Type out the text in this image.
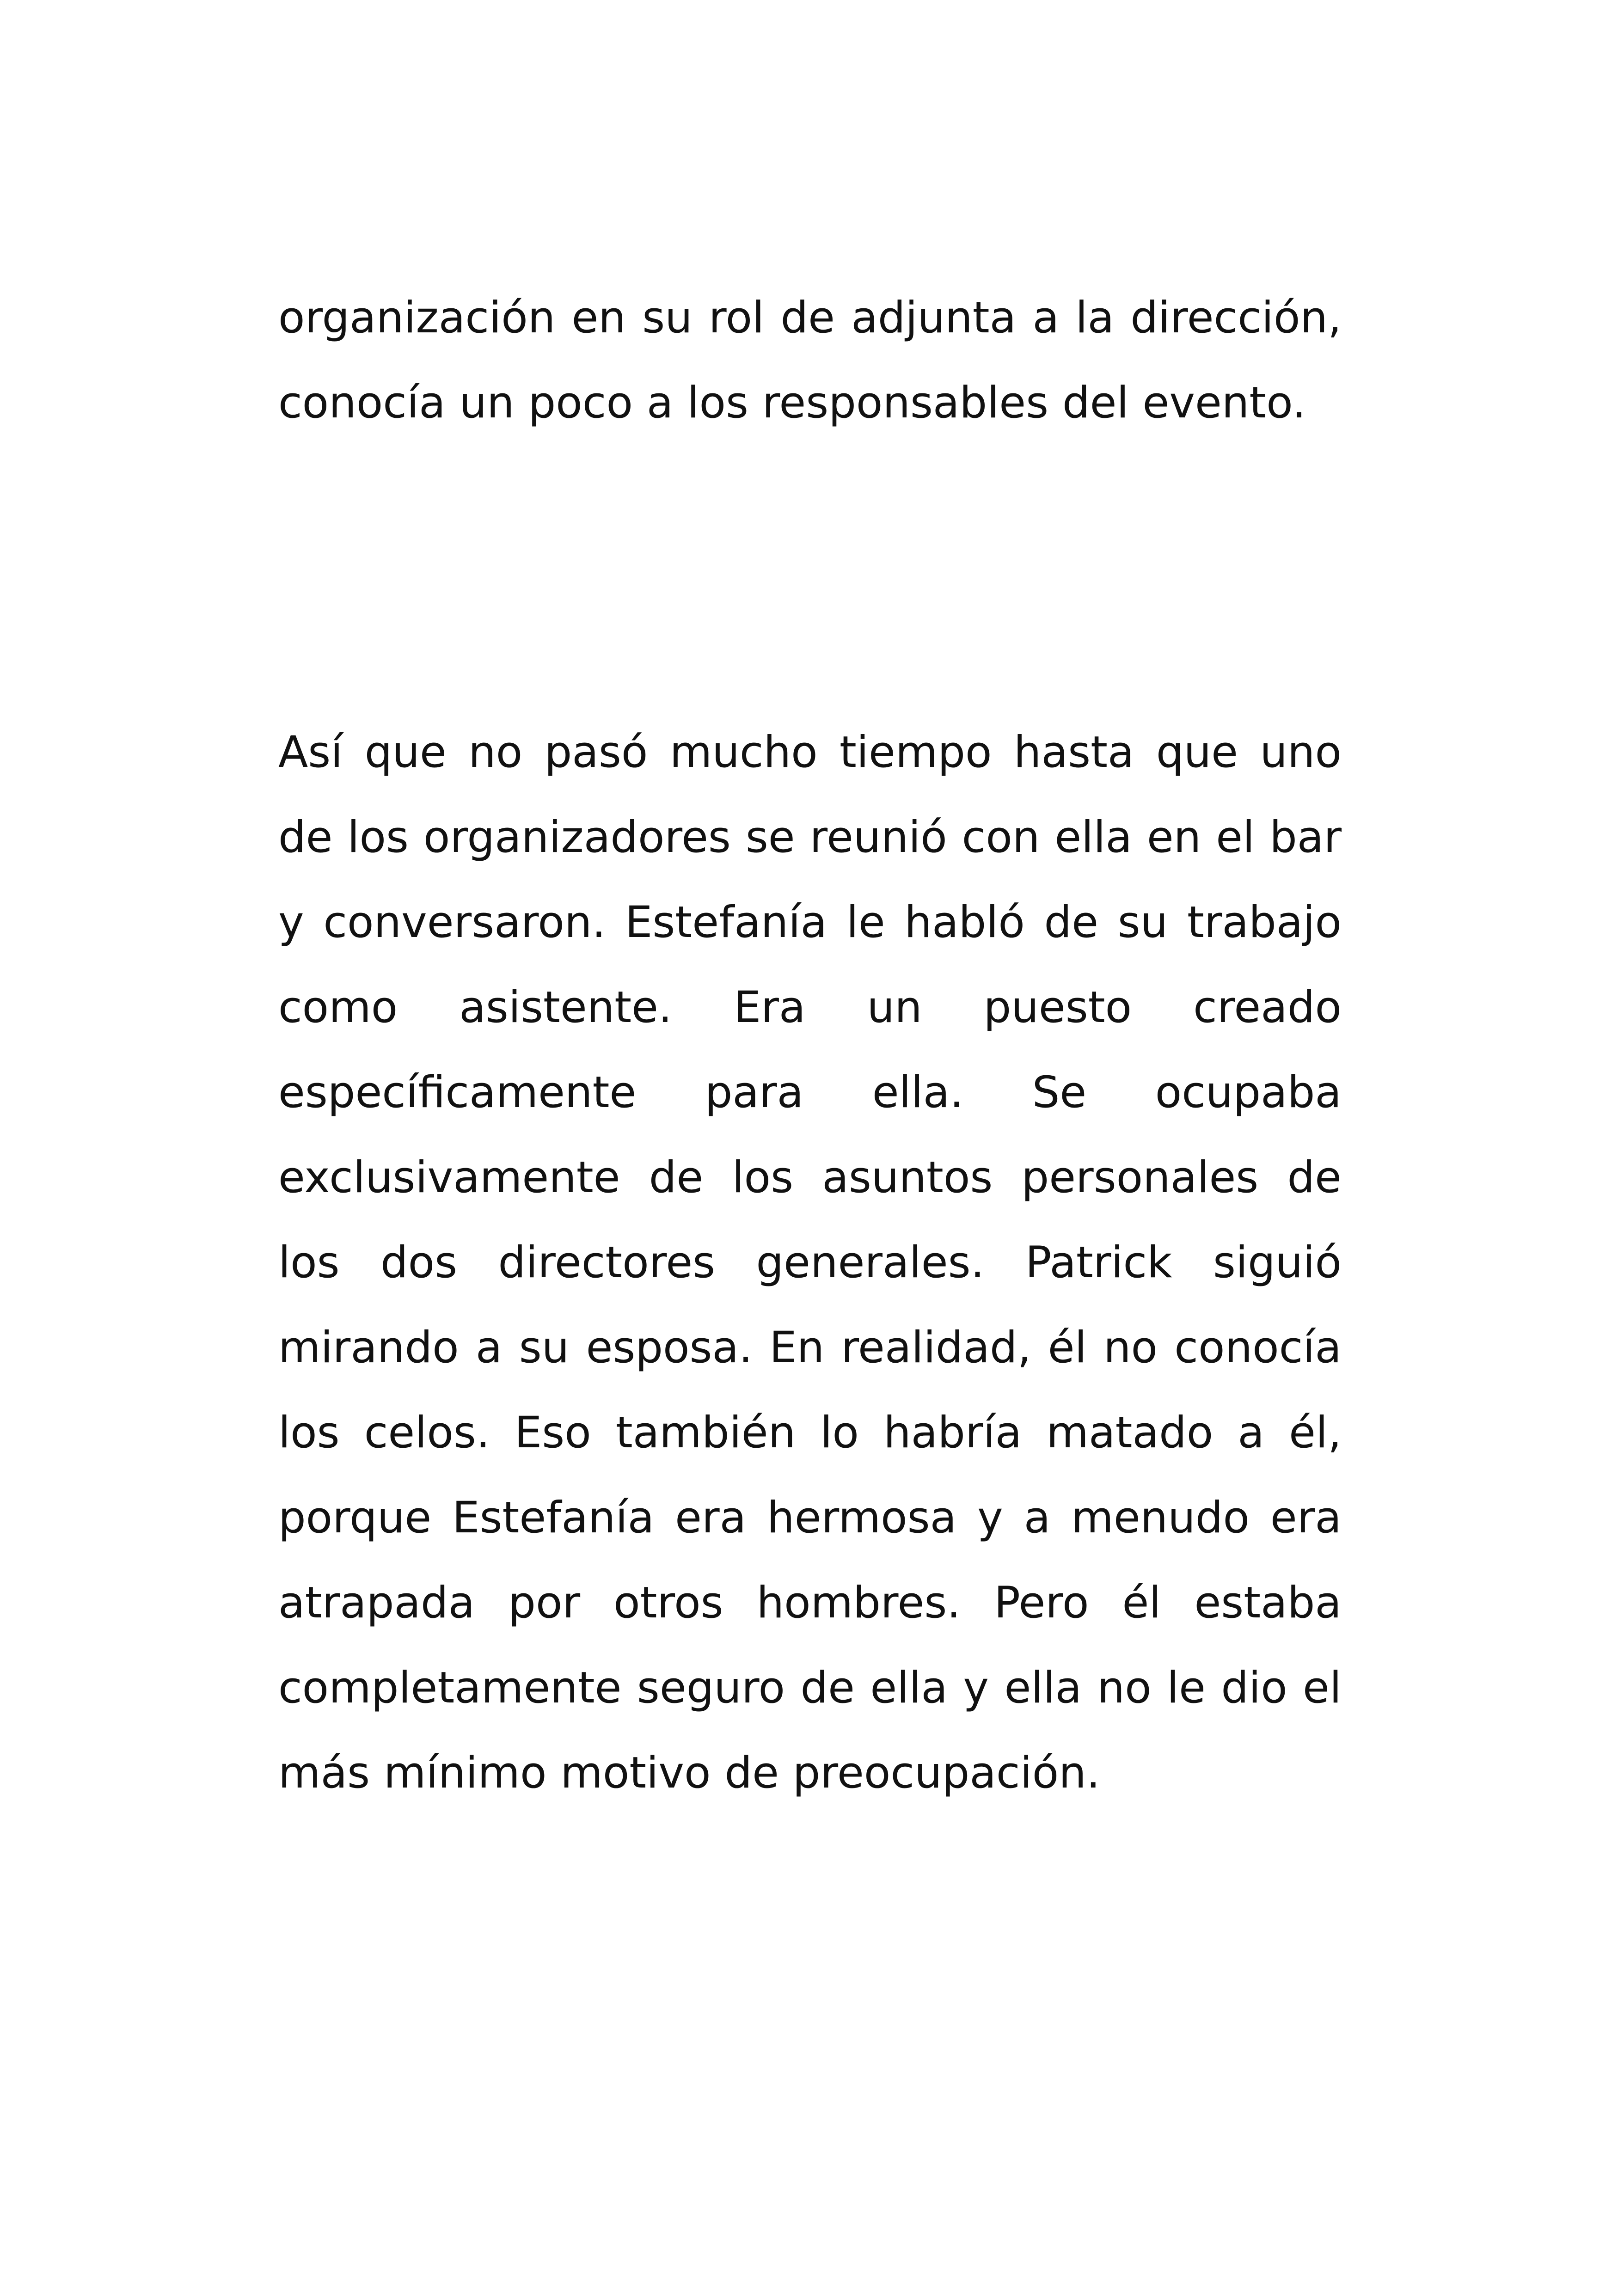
organización en su rol de adjunta a la dirección, conocía un poco a los responsables del evento.

Así que no pasó mucho tiempo hasta que uno de los organizadores se reunió con ella en el bar y conversaron. Estefanía le habló de su trabajo como asistente. Era un puesto creado específicamente para ella. Se ocupaba exclusivamente de los asuntos personales de los dos directores generales. Patrick siguió mirando a su esposa. En realidad, él no conocía los celos. Eso también lo habría matado a él, porque Estefanía era hermosa y a menudo era atrapada por otros hombres. Pero él estaba completamente seguro de ella y ella no le dio el más mínimo motivo de preocupación.
